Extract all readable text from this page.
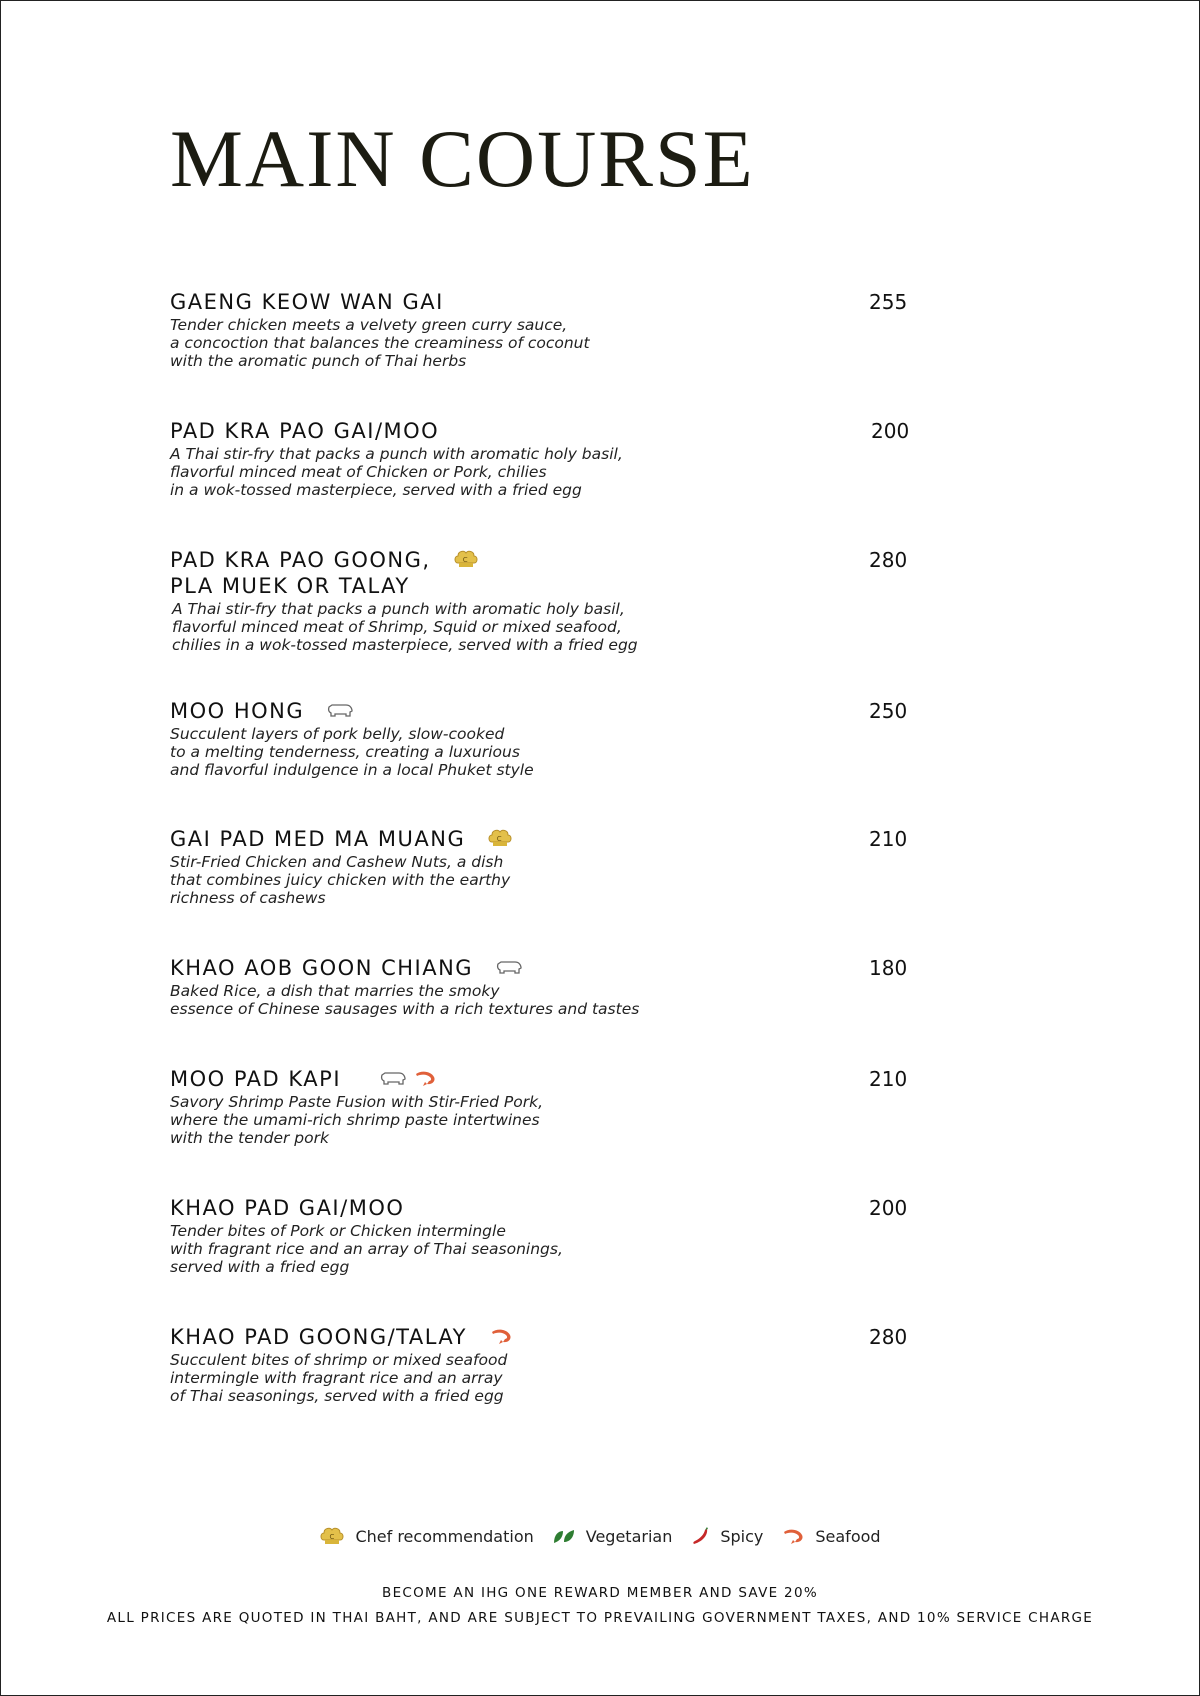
MAIN COURSE
GAENG KEOW WAN GAI	255
Tender chicken meets a velvety green curry sauce,
a concoction that balances the creaminess of coconut
with the aromatic punch of Thai herbs
PAD KRA PAO GAI/MOO	200
A Thai stir-fry that packs a punch with aromatic holy basil,
flavorful minced meat of Chicken or Pork, chilies
in a wok-tossed masterpiece, served with a fried egg
PAD KRA PAO GOONG,	C
PLA MUEK OR TALAY
280
A Thai stir-fry that packs a punch with aromatic holy basil,
flavorful minced meat of Shrimp, Squid or mixed seafood,
chilies in a wok-tossed masterpiece, served with a fried egg
MOO HONG	250
Succulent layers of pork belly, slow-cooked
to a melting tenderness, creating a luxurious
and flavorful indulgence in a local Phuket style
GAI PAD MED MA MUANG	C	210
Stir-Fried Chicken and Cashew Nuts, a dish
that combines juicy chicken with the earthy
richness of cashews
KHAO AOB GOON CHIANG	180
Baked Rice, a dish that marries the smoky
essence of Chinese sausages with a rich textures and tastes
MOO PAD KAPI	210
Savory Shrimp Paste Fusion with Stir-Fried Pork,
where the umami-rich shrimp paste intertwines
with the tender pork
KHAO PAD GAI/MOO	200
Tender bites of Pork or Chicken intermingle
with fragrant rice and an array of Thai seasonings,
served with a fried egg
KHAO PAD GOONG/TALAY	280
Succulent bites of shrimp or mixed seafood
intermingle with fragrant rice and an array
of Thai seasonings, served with a fried egg
C Chef recommendation	Vegetarian	Spicy	Seafood
BECOME AN IHG ONE REWARD MEMBER AND SAVE 20%
ALL PRICES ARE QUOTED IN THAI BAHT, AND ARE SUBJECT TO PREVAILING GOVERNMENT TAXES, AND 10% SERVICE CHARGE
